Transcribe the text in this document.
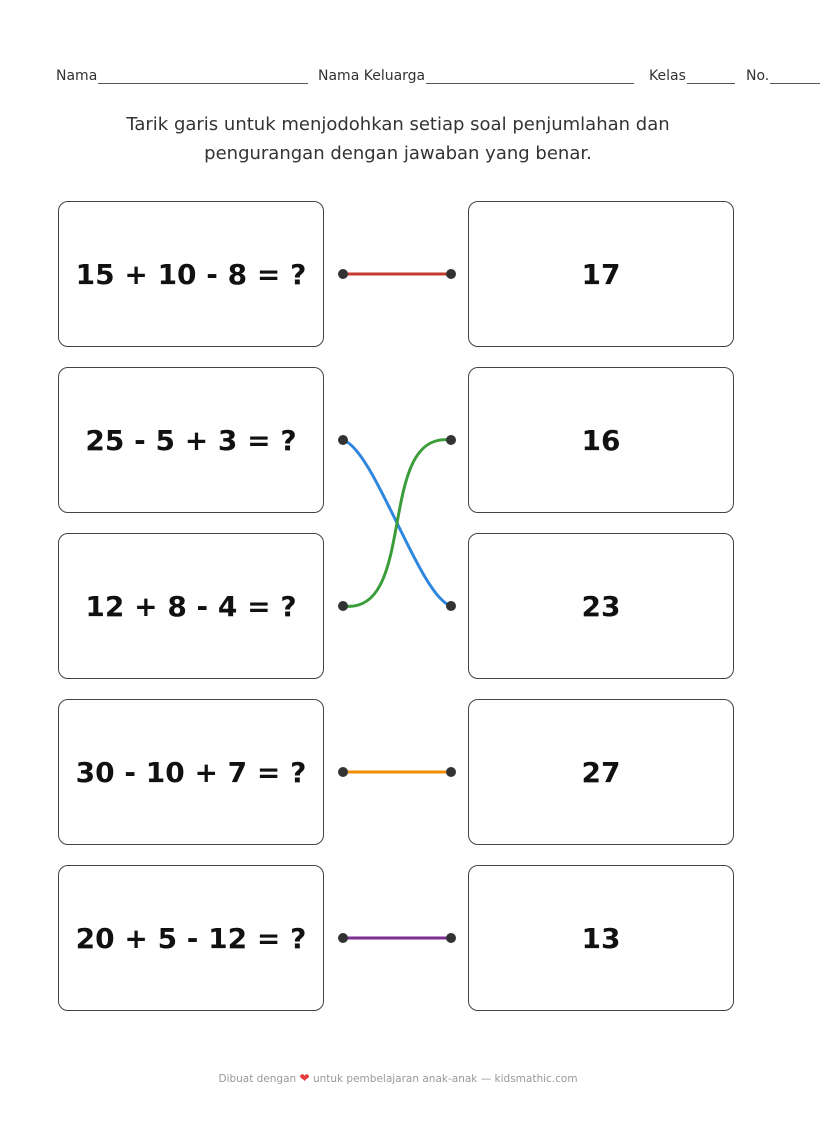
Nama	Nama Keluarga	Kelas	No.
Tarik garis untuk menjodohkan setiap soal penjumlahan dan
pengurangan dengan jawaban yang benar.
15 + 10 - 8 = ?
25 - 5 + 3 = ?
12 + 8 - 4 = ?
30 - 10 + 7 = ?
20 + 5 - 12 = ?
17
16
23
27
13
Dibuat dengan ❤ untuk pembelajaran anak-anak — kidsmathic.com
